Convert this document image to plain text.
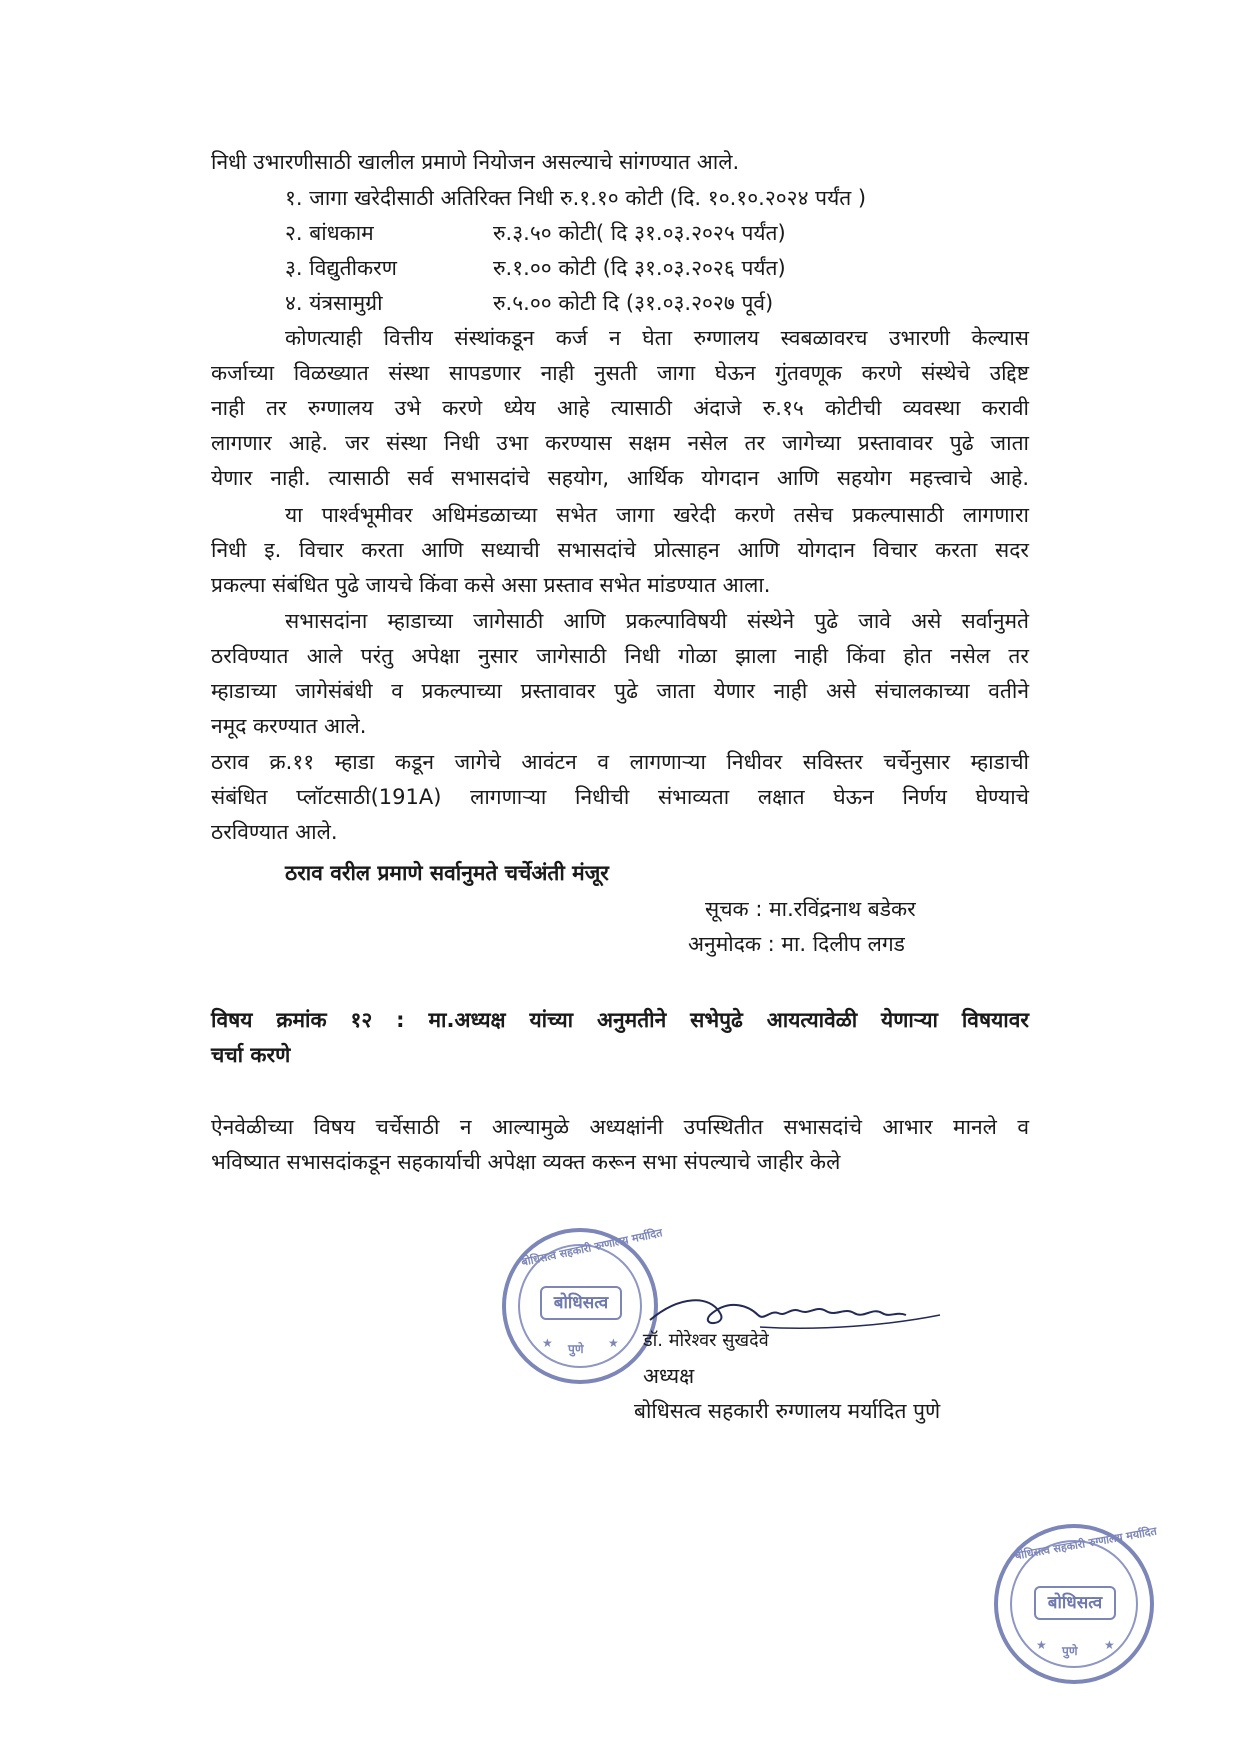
निधी उभारणीसाठी खालील प्रमाणे नियोजन असल्याचे सांगण्यात आले.
१. जागा खरेदीसाठी अतिरिक्त निधी रु.१.१० कोटी (दि. १०.१०.२०२४ पर्यंत )
२. बांधकाम	रु.३.५० कोटी( दि ३१.०३.२०२५ पर्यंत)
३. विद्युतीकरण	रु.१.०० कोटी (दि ३१.०३.२०२६ पर्यंत)
४. यंत्रसामुग्री	रु.५.०० कोटी दि (३१.०३.२०२७ पूर्व)
कोणत्याही वित्तीय संस्थांकडून कर्ज न घेता रुग्णालय स्वबळावरच उभारणी केल्यास
कर्जाच्या विळख्यात संस्था सापडणार नाही नुसती जागा घेऊन गुंतवणूक करणे संस्थेचे उद्दिष्ट
नाही तर रुग्णालय उभे करणे ध्येय आहे त्यासाठी अंदाजे रु.१५ कोटीची व्यवस्था करावी
लागणार आहे. जर संस्था निधी उभा करण्यास सक्षम नसेल तर जागेच्या प्रस्तावावर पुढे जाता
येणार नाही. त्यासाठी सर्व सभासदांचे सहयोग, आर्थिक योगदान आणि सहयोग महत्त्वाचे आहे.
या पार्श्वभूमीवर अधिमंडळाच्या सभेत जागा खरेदी करणे तसेच प्रकल्पासाठी लागणारा
निधी इ. विचार करता आणि सध्याची सभासदांचे प्रोत्साहन आणि योगदान विचार करता सदर
प्रकल्पा संबंधित पुढे जायचे किंवा कसे असा प्रस्ताव सभेत मांडण्यात आला.
सभासदांना म्हाडाच्या जागेसाठी आणि प्रकल्पाविषयी संस्थेने पुढे जावे असे सर्वानुमते
ठरविण्यात आले परंतु अपेक्षा नुसार जागेसाठी निधी गोळा झाला नाही किंवा होत नसेल तर
म्हाडाच्या जागेसंबंधी व प्रकल्पाच्या प्रस्तावावर पुढे जाता येणार नाही असे संचालकाच्या वतीने
नमूद करण्यात आले.
ठराव क्र.११ म्हाडा कडून जागेचे आवंटन व लागणाऱ्या निधीवर सविस्तर चर्चेनुसार म्हाडाची
संबंधित प्लॉटसाठी(191A) लागणाऱ्या निधीची संभाव्यता लक्षात घेऊन निर्णय घेण्याचे
ठरविण्यात आले.
ठराव वरील प्रमाणे सर्वानुमते चर्चेअंती मंजूर
सूचक : मा.रविंद्रनाथ बडेकर
अनुमोदक : मा. दिलीप लगड
विषय क्रमांक १२ : मा.अध्यक्ष यांच्या अनुमतीने सभेपुढे आयत्यावेळी येणाऱ्या विषयावर
चर्चा करणे
ऐनवेळीच्या विषय चर्चेसाठी न आल्यामुळे अध्यक्षांनी उपस्थितीत सभासदांचे आभार मानले व
भविष्यात सभासदांकडून सहकार्याची अपेक्षा व्यक्त करून सभा संपल्याचे जाहीर केले
बोधिसत्व सहकारी रुग्णालय मर्यादित
बोधिसत्व
पुणे
★	★ डॉ. मोरेश्वर सुखदेवे
अध्यक्ष
बोधिसत्व सहकारी रुग्णालय मर्यादित पुणे
बोधिसत्व सहकारी रुग्णालय मर्यादित
बोधिसत्व
पुणे
★	★
